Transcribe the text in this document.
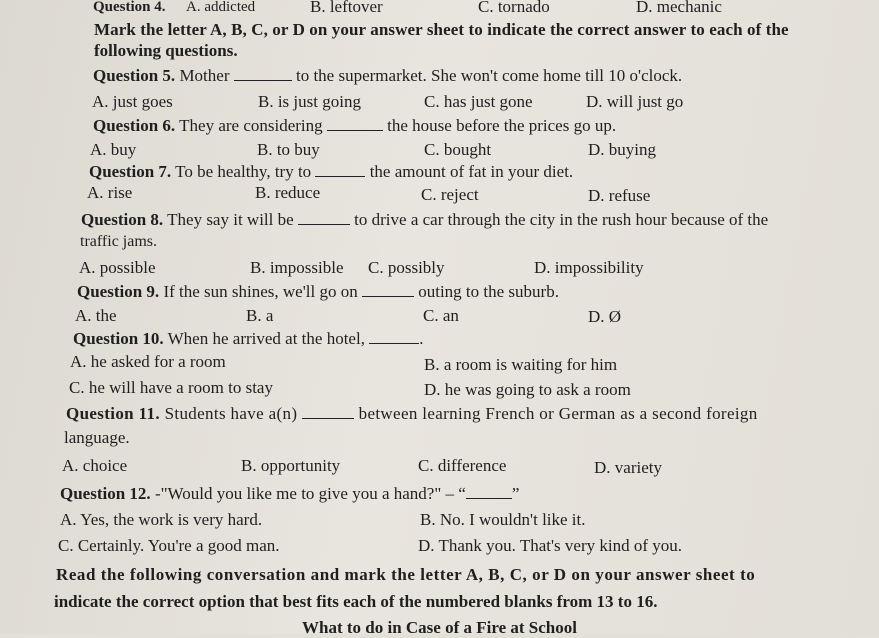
Question 4. A. addicted	B. leftover	C. tornado	D. mechanic
Mark the letter A, B, C, or D on your answer sheet to indicate the correct answer to each of the
following questions.
Question 5. Mother	to the supermarket. She won't come home till 10 o'clock.
A. just goes	B. is just going	C. has just gone	D. will just go
Question 6. They are considering	the house before the prices go up.
A. buy	B. to buy	C. bought	D. buying
Question 7. To be healthy, try to	the amount of fat in your diet.
A. rise	B. reduce	C. reject	D. refuse
Question 8. They say it will be	to drive a car through the city in the rush hour because of the
traffic jams.
A. possible	B. impossible C. possibly	D. impossibility
Question 9. If the sun shines, we'll go on	outing to the suburb.
A. the	B. a	C. an	D. Ø
Question 10. When he arrived at the hotel,	.
A. he asked for a room	B. a room is waiting for him
C. he will have a room to stay	D. he was going to ask a room
Question 11. Students have a(n)	between learning French or German as a second foreign
language.
A. choice	B. opportunity	C. difference	D. variety
Question 12. -"Would you like me to give you a hand?" – “	”
A. Yes, the work is very hard.	B. No. I wouldn't like it.
C. Certainly. You're a good man.	D. Thank you. That's very kind of you.
Read the following conversation and mark the letter A, B, C, or D on your answer sheet to
indicate the correct option that best fits each of the numbered blanks from 13 to 16.
What to do in Case of a Fire at School
